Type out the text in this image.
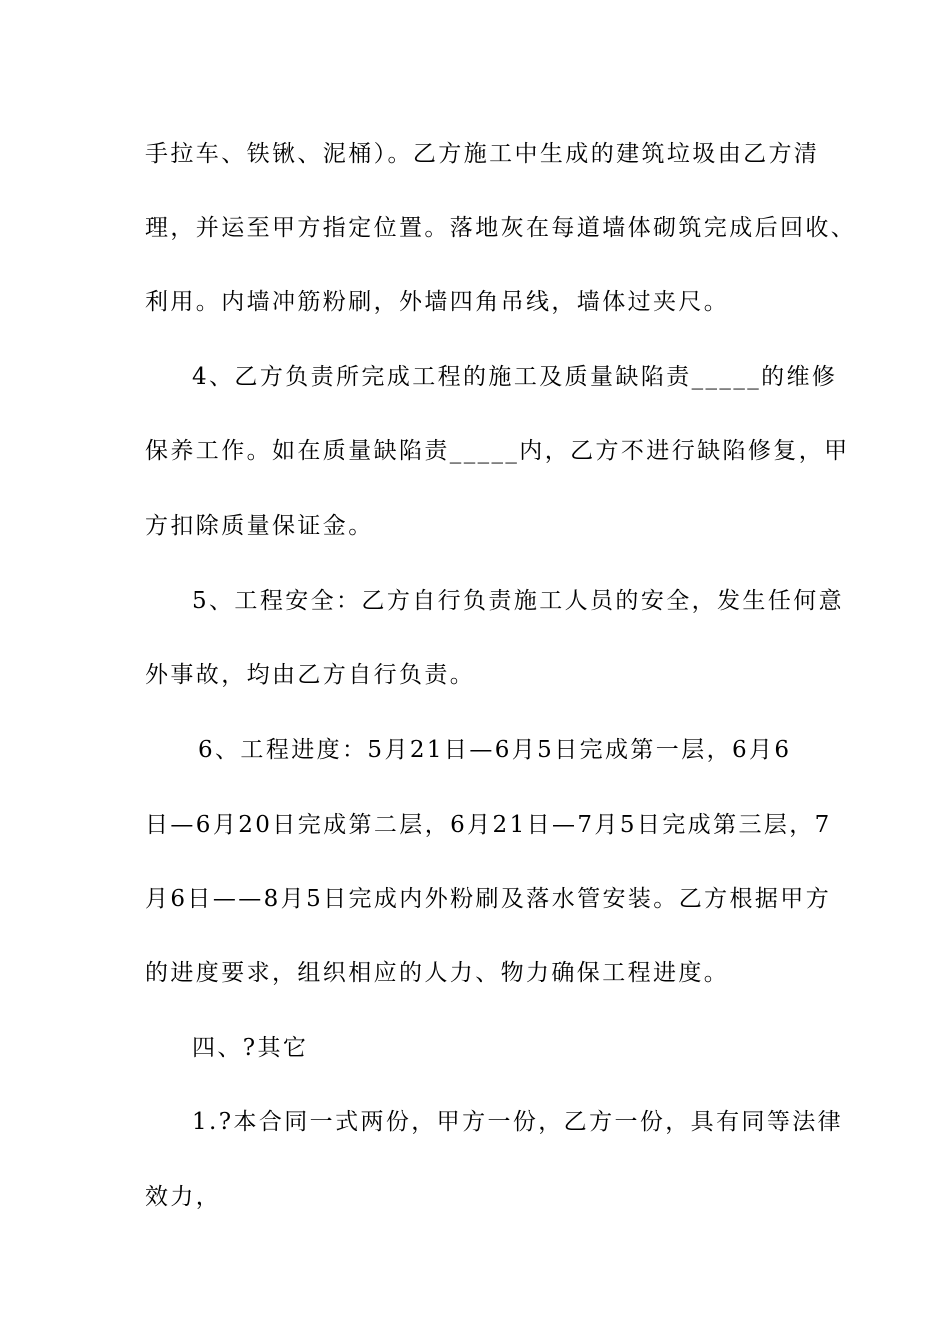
手拉车、铁锹、泥桶）。乙方施工中生成的建筑垃圾由乙方清
理，并运至甲方指定位置。落地灰在每道墙体砌筑完成后回收、
利用。内墙冲筋粉刷，外墙四角吊线，墙体过夹尺。
4、乙方负责所完成工程的施工及质量缺陷责_____的维修
保养工作。如在质量缺陷责_____内，乙方不进行缺陷修复，甲
方扣除质量保证金。
5、工程安全：乙方自行负责施工人员的安全，发生任何意
外事故，均由乙方自行负责。
6、工程进度：5月21日—6月5日完成第一层，6月6
日—6月20日完成第二层，6月21日—7月5日完成第三层，7
月6日——8月5日完成内外粉刷及落水管安装。乙方根据甲方
的进度要求，组织相应的人力、物力确保工程进度。
四、?其它
1.?本合同一式两份，甲方一份，乙方一份，具有同等法律
效力，
